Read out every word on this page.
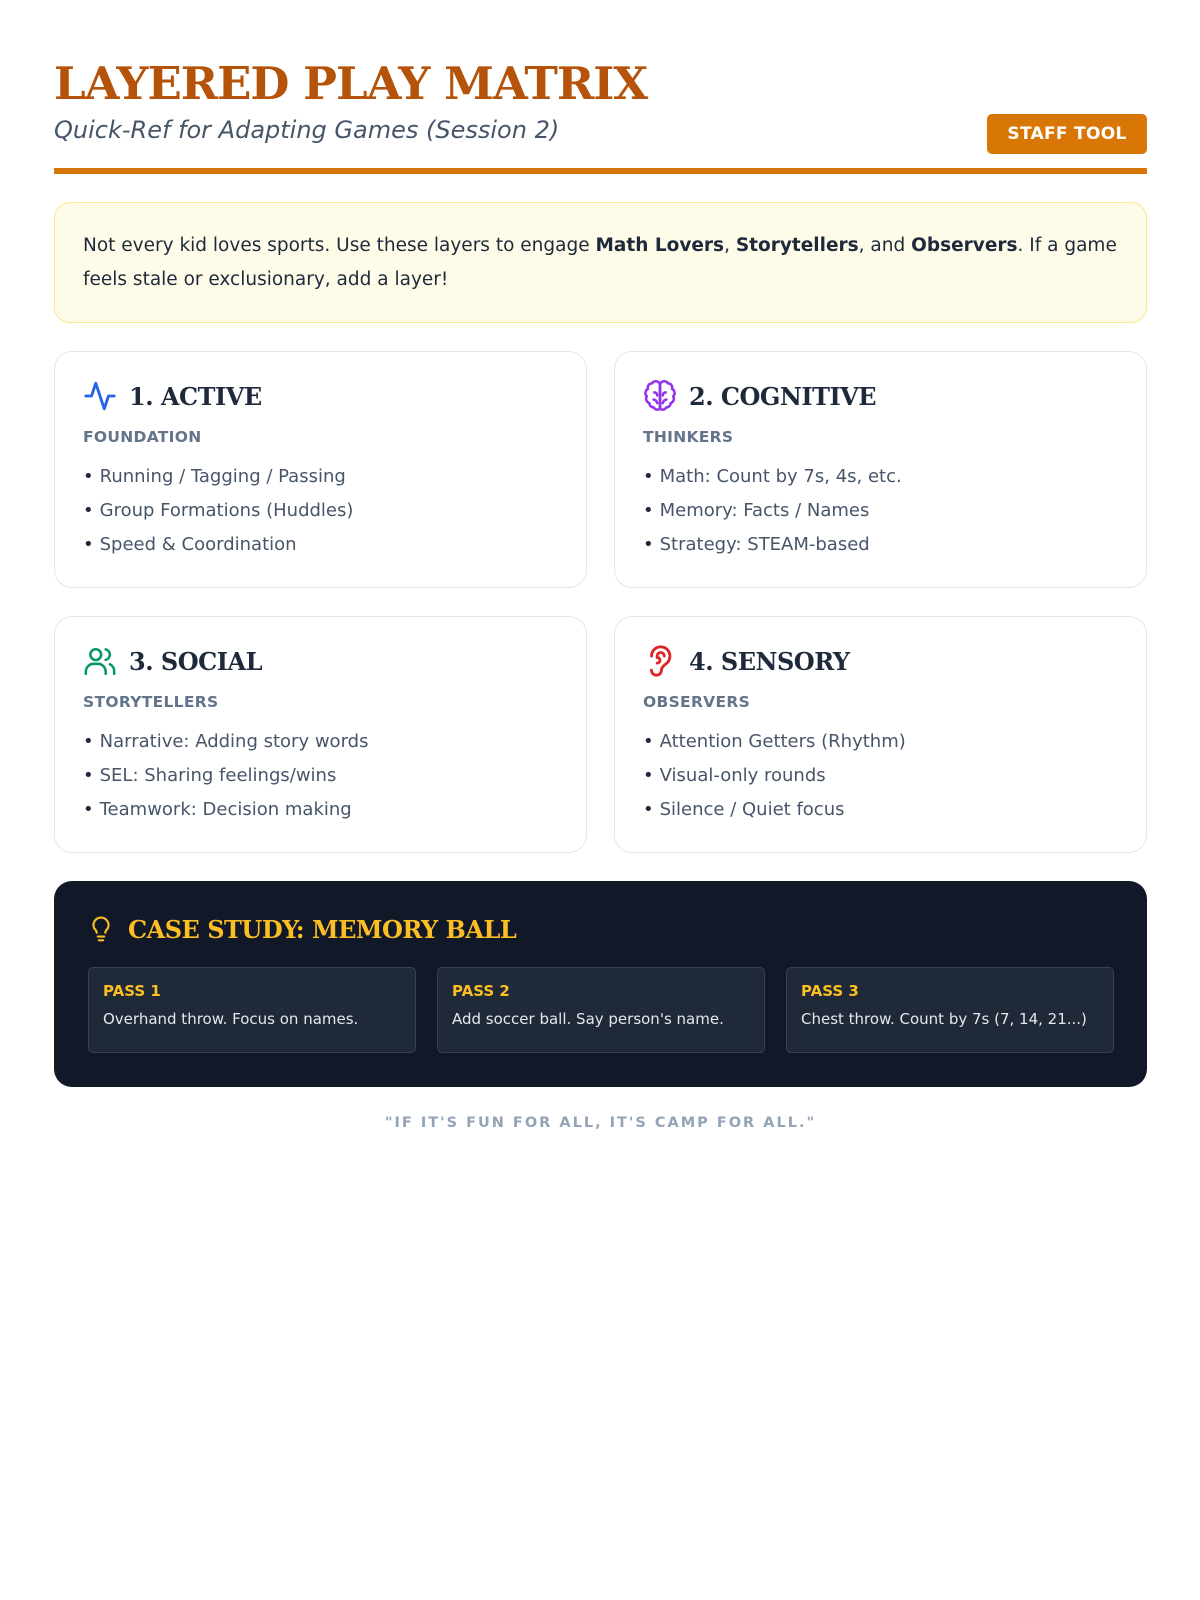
LAYERED PLAY MATRIX
Quick-Ref for Adapting Games (Session 2)	STAFF TOOL
Not every kid loves sports. Use these layers to engage Math Lovers, Storytellers, and Observers. If a game feels stale or exclusionary, add a layer!
1. ACTIVE
FOUNDATION
• Running / Tagging / Passing
• Group Formations (Huddles)
• Speed & Coordination
2. COGNITIVE
THINKERS
• Math: Count by 7s, 4s, etc.
• Memory: Facts / Names
• Strategy: STEAM-based
3. SOCIAL
STORYTELLERS
• Narrative: Adding story words
• SEL: Sharing feelings/wins
• Teamwork: Decision making
4. SENSORY
OBSERVERS
• Attention Getters (Rhythm)
• Visual-only rounds
• Silence / Quiet focus
CASE STUDY: MEMORY BALL
PASS 1
Overhand throw. Focus on names.
PASS 2
Add soccer ball. Say person's name.
PASS 3
Chest throw. Count by 7s (7, 14, 21...)
"IF IT'S FUN FOR ALL, IT'S CAMP FOR ALL."
